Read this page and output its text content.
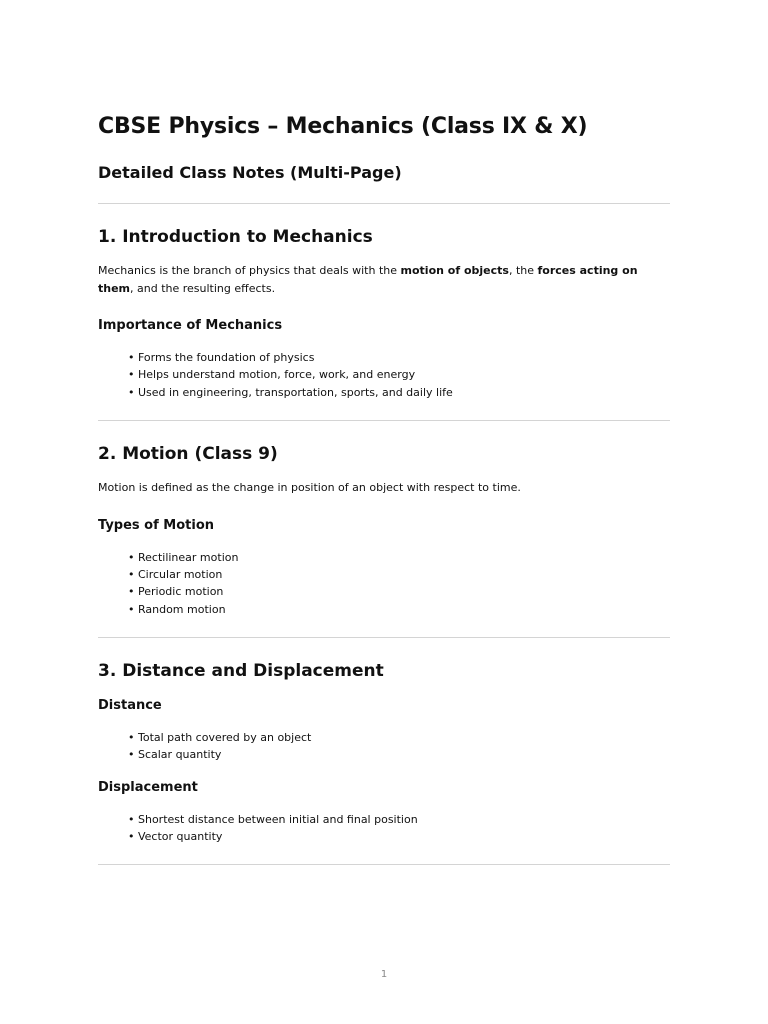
CBSE Physics – Mechanics (Class IX & X)
Detailed Class Notes (Multi-Page)
1. Introduction to Mechanics

Mechanics is the branch of physics that deals with the motion of objects, the forces acting on them, and the resulting effects.

Importance of Mechanics
• Forms the foundation of physics
• Helps understand motion, force, work, and energy
• Used in engineering, transportation, sports, and daily life
2. Motion (Class 9)

Motion is defined as the change in position of an object with respect to time.

Types of Motion
• Rectilinear motion
• Circular motion
• Periodic motion
• Random motion
3. Distance and Displacement
Distance
• Total path covered by an object
• Scalar quantity
Displacement
• Shortest distance between initial and final position
• Vector quantity
1
